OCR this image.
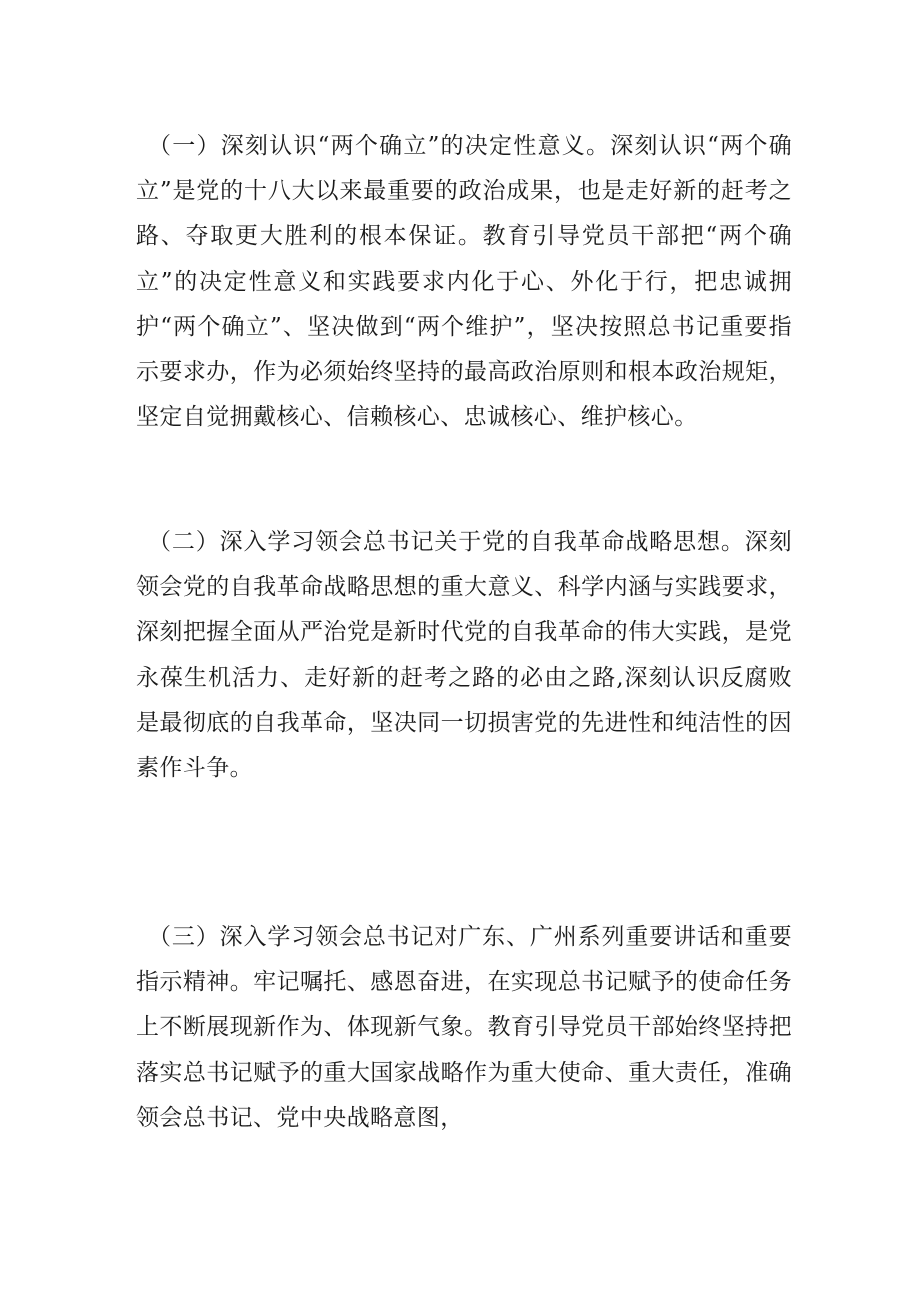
（一）深刻认识“两个确立”的决定性意义。深刻认识“两个确立”是党的十八大以来最重要的政治成果，也是走好新的赶考之路、夺取更大胜利的根本保证。教育引导党员干部把“两个确立”的决定性意义和实践要求内化于心、外化于行，把忠诚拥护“两个确立”、坚决做到“两个维护”，坚决按照总书记重要指示要求办，作为必须始终坚持的最高政治原则和根本政治规矩，坚定自觉拥戴核心、信赖核心、忠诚核心、维护核心。

（二）深入学习领会总书记关于党的自我革命战略思想。深刻领会党的自我革命战略思想的重大意义、科学内涵与实践要求，深刻把握全面从严治党是新时代党的自我革命的伟大实践，是党永葆生机活力、走好新的赶考之路的必由之路,深刻认识反腐败是最彻底的自我革命，坚决同一切损害党的先进性和纯洁性的因素作斗争。

（三）深入学习领会总书记对广东、广州系列重要讲话和重要指示精神。牢记嘱托、感恩奋进，在实现总书记赋予的使命任务上不断展现新作为、体现新气象。教育引导党员干部始终坚持把落实总书记赋予的重大国家战略作为重大使命、重大责任，准确领会总书记、党中央战略意图，
